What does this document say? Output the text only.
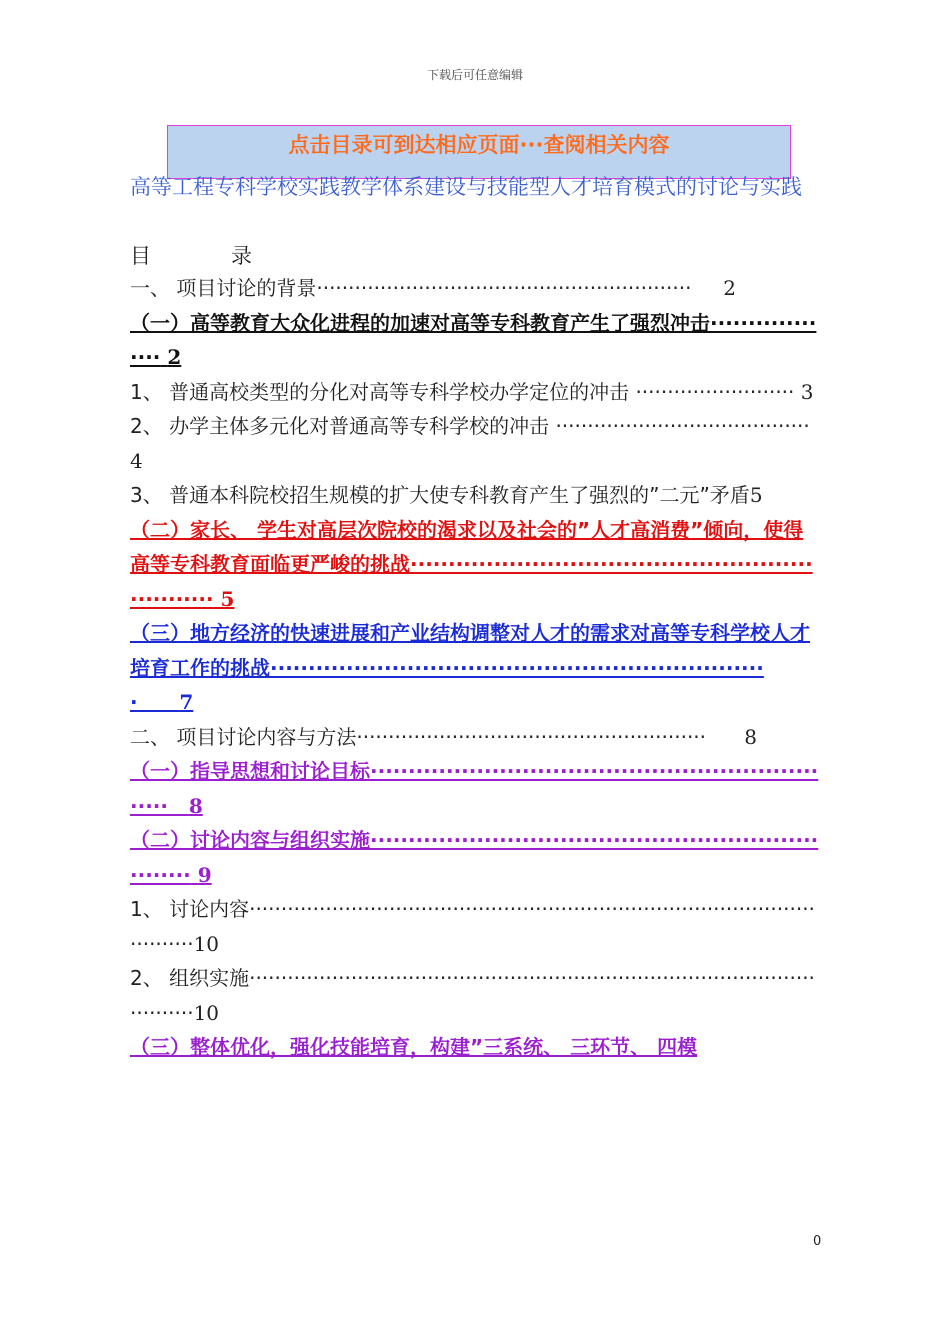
下载后可任意编辑
点击目录可到达相应页面···查阅相关内容
高等工程专科学校实践教学体系建设与技能型人才培育模式的讨论与实践
目	录
一、 项目讨论的背景··························································· 2
（一）高等教育大众化进程的加速对高等专科教育产生了强烈冲击·················· 2
1、 普通高校类型的分化对高等专科学校办学定位的冲击 ························· 3
2、 办学主体多元化对普通高等专科学校的冲击 ········································4
3、 普通本科院校招生规模的扩大使专科教育产生了强烈的”二元”矛盾5
（二）家长、 学生对高层次院校的渴求以及社会的”人才高消费”倾向，使得高等专科教育面临更严峻的挑战································································ 5
（三）地方经济的快速进展和产业结构调整对人才的需求对高等专科学校人才培育工作的挑战·································································· 7
二、 项目讨论内容与方法······················································· 8
（一）指导思想和讨论目标································································ 8
（二）讨论内容与组织实施··································································· 9
1、 讨论内容···································································································10
2、 组织实施···································································································10
（三）整体优化，强化技能培育，构建”三系统、 三环节、 四模
0
